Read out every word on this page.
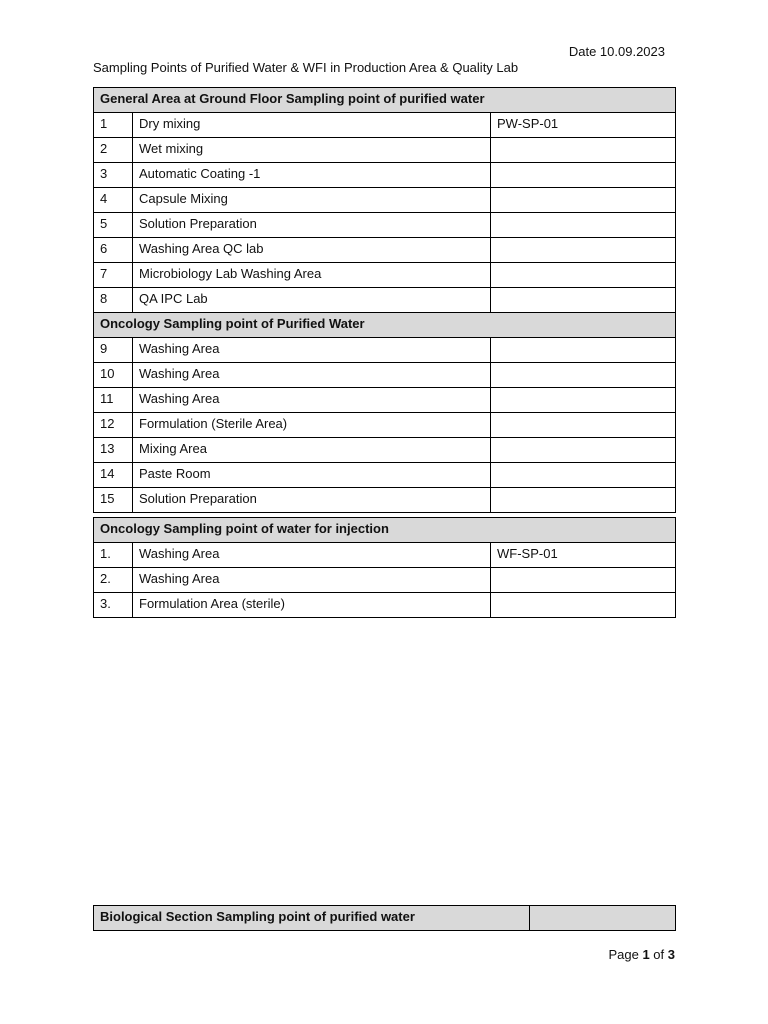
Date 10.09.2023
Sampling Points of Purified Water & WFI in Production Area & Quality Lab
General Area at Ground Floor Sampling point of purified water		
1	Dry mixing	PW-SP-01
2	Wet mixing	
3	Automatic Coating -1	
4	Capsule Mixing	
5	Solution Preparation	
6	Washing Area QC lab	
7	Microbiology Lab Washing Area	
8	QA IPC Lab	
Oncology Sampling point of Purified Water		
9	Washing Area	
10	Washing Area	
11	Washing Area	
12	Formulation (Sterile Area)	
13	Mixing Area	
14	Paste Room	
15	Solution Preparation	
Oncology Sampling point of water for injection		
1.	Washing Area	WF-SP-01
2.	Washing Area	
3.	Formulation Area (sterile)	
Biological Section Sampling point of purified water	
Page 1 of 3
